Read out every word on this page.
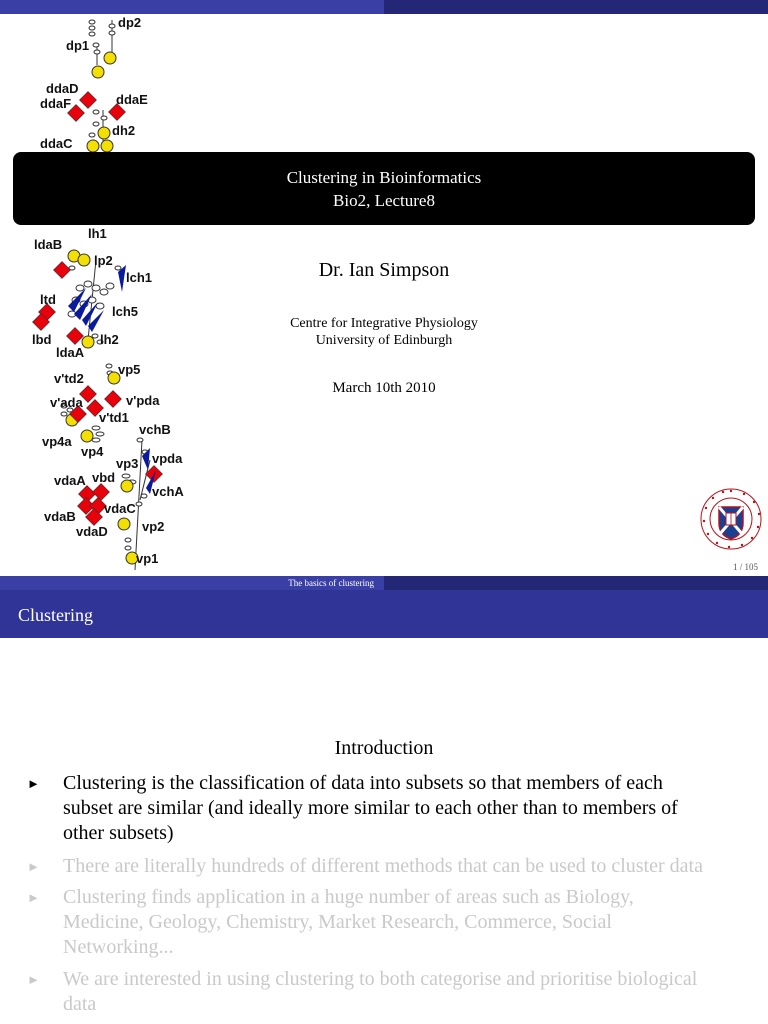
dp2
dp1
ddaD
ddaF	ddaE
dh2
ddaC
lh1
ldaB
lp2
lch1
ltd
lch5
lbd
ldaA
lh2
v'td2
vp5
v'ada	v'pda
v'td1
vp4a
vp4
vchB
vp3 vpda
vdaA vbd
vchA
vdaB
vdaC
vdaD	vp2
vp1
Clustering in Bioinformatics
Bio2, Lecture8
Dr. Ian Simpson
Centre for Integrative Physiology
University of Edinburgh
March 10th 2010
1 / 105
The basics of clustering
Clustering
Introduction
► Clustering is the classification of data into subsets so that members of each
subset are similar (and ideally more similar to each other than to members of
other subsets)
► There are literally hundreds of different methods that can be used to cluster data
► Clustering finds application in a huge number of areas such as Biology,
Medicine, Geology, Chemistry, Market Research, Commerce, Social
Networking...
► We are interested in using clustering to both categorise and prioritise biological
data
